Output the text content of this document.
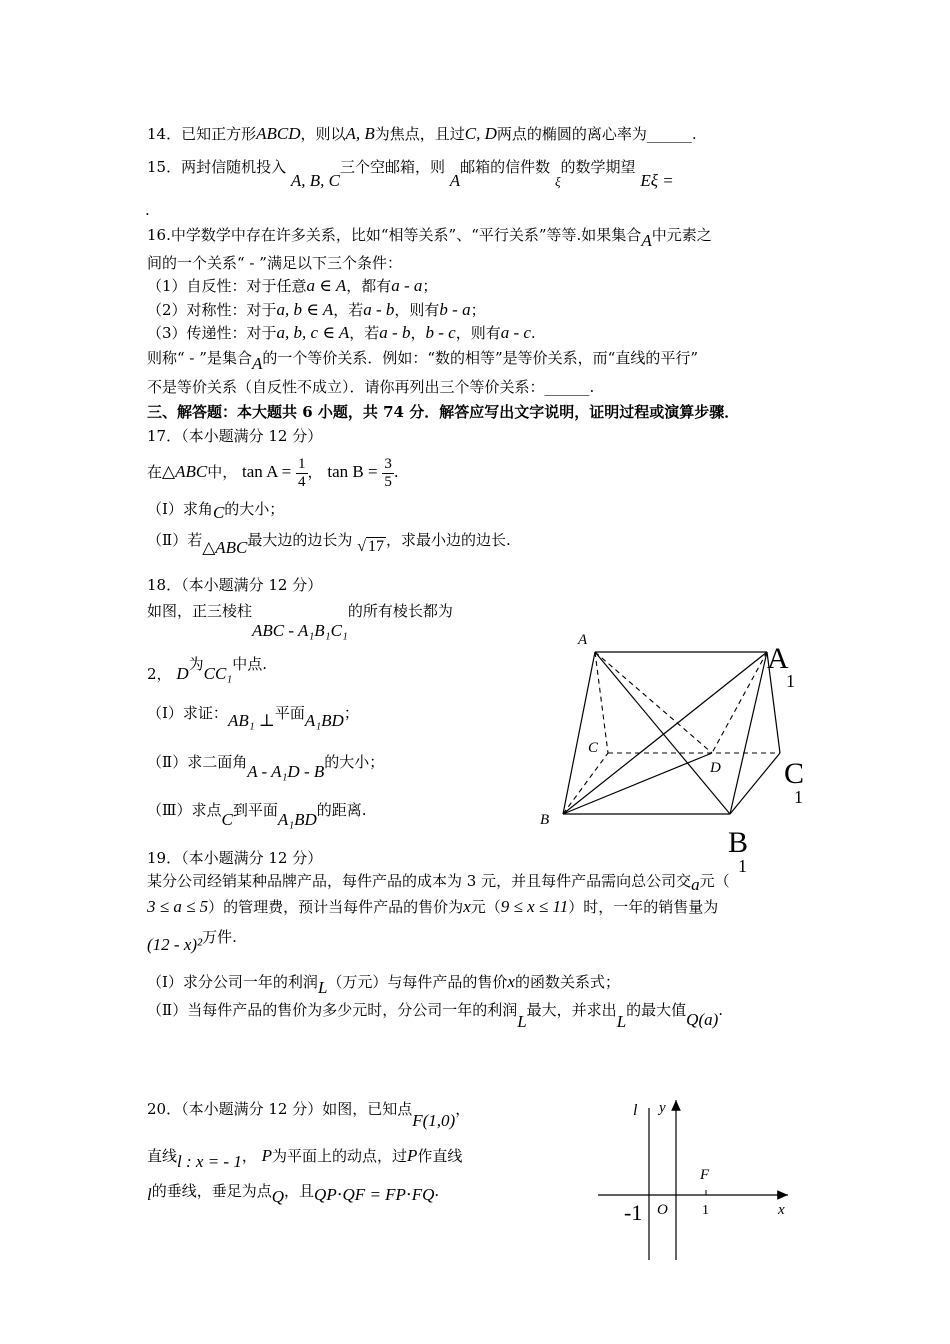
14．已知正方形ABCD，则以A, B为焦点，且过C, D两点的椭圆的离心率为______.
15．两封信随机投入 A, B, C三个空邮箱，则 A邮箱的信件数 ξ的数学期望 Eξ =
.
16.中学数学中存在许多关系，比如“相等关系”、“平行关系”等等.如果集合A中元素之
间的一个关系“ - ”满足以下三个条件：
（1）自反性：对于任意a ∈ A，都有a - a；
（2）对称性：对于a, b ∈ A，若a - b，则有b - a；
（3）传递性：对于a, b, c ∈ A，若a - b，b - c，则有a - c.
则称“ - ”是集合A的一个等价关系．例如：“数的相等”是等价关系，而“直线的平行”
不是等价关系（自反性不成立）．请你再列出三个等价关系：______.
三、解答题：本大题共 6 小题，共 74 分．解答应写出文字说明，证明过程或演算步骤．
17．（本小题满分 12 分）
在△ABC中， $\tan A = \frac{1}{4}$ ， $\tan B = \frac{3}{5}$ .
（Ⅰ）求角C的大小；
（Ⅱ）若△ABC最大边的边长为 √ 17 ，求最小边的边长.
18．（本小题满分 12 分）
如图，正三棱柱ABC - A₁B₁C₁的所有棱长都为
2， D为CC₁中点.
（Ⅰ）求证：AB₁ ⊥平面A₁BD；
（Ⅱ）求二面角A - A₁D - B的大小；
（Ⅲ）求点C到平面A₁BD的距离.
A
A
1
C
D C
1
B
B
1
19．（本小题满分 12 分）
某分公司经销某种品牌产品，每件产品的成本为 3 元，并且每件产品需向总公司交a元（
3 ≤ a ≤ 5）的管理费，预计当每件产品的售价为x元（9 ≤ x ≤ 11）时，一年的销售量为
(12 - x)²万件.
（Ⅰ）求分公司一年的利润L（万元）与每件产品的售价x的函数关系式；
（Ⅱ）当每件产品的售价为多少元时，分公司一年的利润L最大，并求出L的最大值Q(a).
20．（本小题满分 12 分）如图，已知点F(1,0)，
直线l : x = - 1， P为平面上的动点，过P作直线
l的垂线，垂足为点Q，且QP⋅QF = FP⋅FQ.
l y
F
-1 O 1	x
